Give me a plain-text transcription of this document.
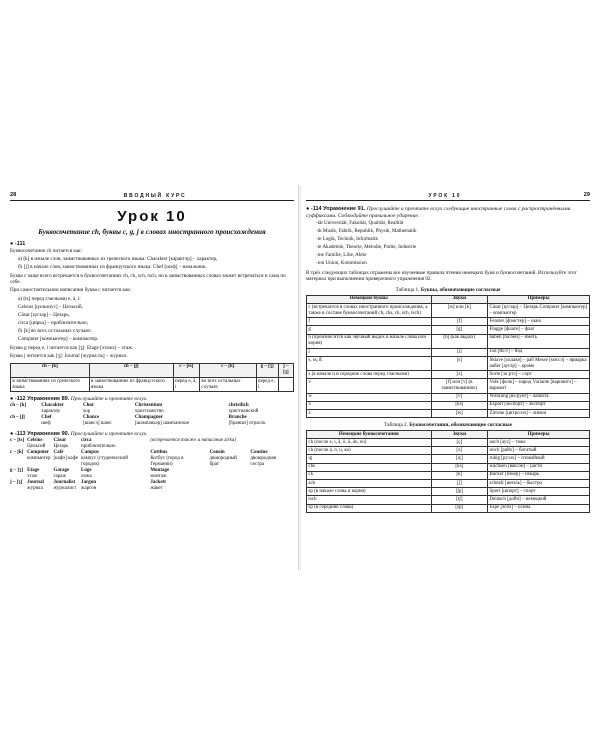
28	ВВОДНЫЙ КУРС
Урок 10
Буквосочетание ch, буквы c, g, j в словах иностранного происхождения
● -111

Буквосочетание ch читается как:

а) [k] в начале слов, заимствованных из греческого языка: Charakter [карактэр] – характер,

б) [ʃ] в начале слов, заимствованных из французского языка: Chef [шэф] – начальник.

Буква с чаще всего встречается в буквосочетаниях ch, ck, sch, tsch, но в заимствованных словах может встречаться и сама по себе.

При самостоятельном написании буква с читается как:

а) [ts] перед гласными е, ä, i:

Celsius [цэльзиус] – Цельсий,

Cäsar [цэ:зар] – Цезарь,

circa [цирка] – приблизительно;

б) [k] во всех остальных случаях:

Computer [компьютер] – компьютер.

Буква g перед е, i читается как [ʒ]: Etage [этажэ] – этаж.

Буква j читается как [ʒ]: Journal [журна:ль] – журнал.

ch – [k]	ch – [ʃ]	c – [ts]	c – [k]	g – [ʒ]	j – [ʒ]
в заимствованиях из греческого языка	в заимствованиях из французского языка	перед e, ä, i	во всех остальных случаях	перед e, i	
● -112 Упражнение 89. Прослушайте и прочтите вслух.
ch – [k]	Charakter	Chor	Christentum	christlich
	характер	хор	христианство	христианский
ch – [ʃ]	Chef	Chance	Champagner	Branche
	шеф	[шансэ] шанс	[шампаньэр] шампанское	[браншэ] отрасль
● -113 Упражнение 90. Прослушайте и прочтите вслух.
c – [ts]	Celsius	Cäsar	circa	(встречается также и написание zirka)		
	Цельсий	Цезарь	приблизительно			
c – [k]	Computer	Café	Campus	Cottbus	Cousin	Cousine
	компьютер	[кафэ] кафе	кампус (студенческий городок)	Котбус (город в Германии)	двоюродный брат	двоюродная сестра
g – [ʒ]	Etage	Garage	Loge	Montage		
	этаж	гараж	ложа	монтаж		
j – [ʒ]	Journal	Journalist	Jargon	Jackett		
	журнал	журналист	жаргон	жакет		
УРОК 10	29
● -114 Упражнение 91. Прослушайте и прочтите вслух следующие иностранные слова с распространёнными суффиксами. Соблюдайте правильное ударение.

-tät Universität, Fakultät, Qualität, Realität

-ik Musik, Fabrik, Republik, Physik, Mathematik

-ie Logik, Technik, Informatik

-ie Akademie, Theorie, Melodie, Partie, Industrie

-ine Familie, Lilie, Aktie

-ion Union, Kommission

В трёх следующих таблицах отражены все изученные правила чтения немецких букв и буквосочетаний. Используйте этот материал при выполнении проверочного упражнения 92.

Таблица 1. Буквы, обозначающие согласные
Немецкие буквы	Звуки	Примеры
c (встречается в словах иностранного происхождения, а также в составе буквосочетаний ch, chs, ck, sch, tsch)	[ts] или [k]	Cäsar [цэ:зар] – Цезарь Computer [компьютер] – компьютер
f	[f]	Fenster [фэнстер] – окно
g	[g]	Flagge [флаге] – флаг
h (произносится как звучный выдох в начале слова или корня)	[h] (как выдох)	haben [ha:бен] – иметь
j	[j]	Jod [йо:т] – йод
s, ss, ß	[s]	Sklave [склавэ] – раб Messe [мэссэ] – ярмарка außer [аусэр] – кроме
s (в начале и в середине слова перед гласными)	[z]	Sorte [зо:ртэ] – сорт
v	[f] или [v] (в заимствованиях)	Volk [фолк] – народ Variante [вариантэ] – вариант
w	[v]	Währung [вэ:рунг] – валюта
x	[ks]	Export [экспорт] – экспорт
z	[ts]	Zitrone [цитро:нэ] – лимон
Таблица 2. Буквосочетания, обозначающие согласные
Немецкие буквосочетания	Звуки	Примеры
ch (после e, i, ä, ö, ü, äu, eu)	[ç]	auch [аух] – тоже
ch (после a, o, u, au)	[x]	reich [райх] – богатый
ig	[iç]	ruhig [ру:их] – спокойный
chs	[ks]	wachsen [ваксэн] – расти
ck	[k]	Bäcker [бэкер] – пекарь
sch	[ʃ]	schnell [шнэль] – быстро
sp (в начале слова и корня)	[ʃp]	Sport [шпорт] – спорт
tsch	[tʃ]	Deutsch [дойч] – немецкий
sp (в середине слова)	[sp]	Espe [эспэ] – осина
